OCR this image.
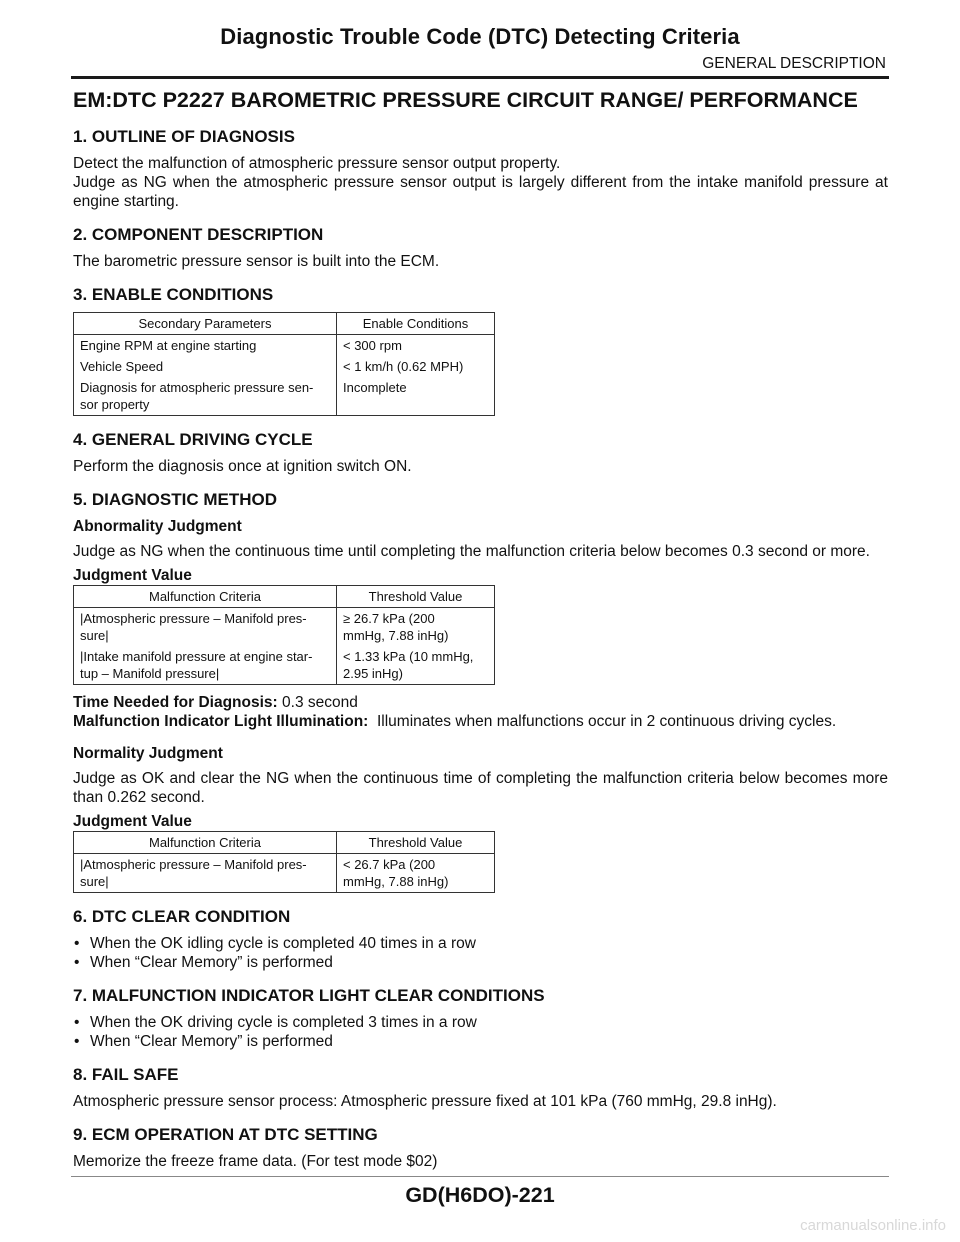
Diagnostic Trouble Code (DTC) Detecting Criteria
GENERAL DESCRIPTION
EM:DTC P2227 BAROMETRIC PRESSURE CIRCUIT RANGE/ PERFORMANCE
1. OUTLINE OF DIAGNOSIS

Detect the malfunction of atmospheric pressure sensor output property.

Judge as NG when the atmospheric pressure sensor output is largely different from the intake manifold pressure at engine starting.

2. COMPONENT DESCRIPTION

The barometric pressure sensor is built into the ECM.

3. ENABLE CONDITIONS
Secondary Parameters	Enable Conditions
Engine RPM at engine starting	< 300 rpm
Vehicle Speed	< 1 km/h (0.62 MPH)
Diagnosis for atmospheric pressure sen-
sor property	Incomplete
4. GENERAL DRIVING CYCLE

Perform the diagnosis once at ignition switch ON.

5. DIAGNOSTIC METHOD
Abnormality Judgment

Judge as NG when the continuous time until completing the malfunction criteria below becomes 0.3 second or more.

Judgment Value
Malfunction Criteria	Threshold Value
|Atmospheric pressure – Manifold pres-
sure|	≥ 26.7 kPa (200
mmHg, 7.88 inHg)
|Intake manifold pressure at engine star-
tup – Manifold pressure|	< 1.33 kPa (10 mmHg,
2.95 inHg)

Time Needed for Diagnosis: 0.3 second

Malfunction Indicator Light Illumination: Illuminates when malfunctions occur in 2 continuous driving cycles.

Normality Judgment

Judge as OK and clear the NG when the continuous time of completing the malfunction criteria below becomes more than 0.262 second.

Judgment Value
Malfunction Criteria	Threshold Value
|Atmospheric pressure – Manifold pres-
sure|	< 26.7 kPa (200
mmHg, 7.88 inHg)
6. DTC CLEAR CONDITION
• When the OK idling cycle is completed 40 times in a row
• When “Clear Memory” is performed
7. MALFUNCTION INDICATOR LIGHT CLEAR CONDITIONS
• When the OK driving cycle is completed 3 times in a row
• When “Clear Memory” is performed
8. FAIL SAFE

Atmospheric pressure sensor process: Atmospheric pressure fixed at 101 kPa (760 mmHg, 29.8 inHg).

9. ECM OPERATION AT DTC SETTING

Memorize the freeze frame data. (For test mode $02)

GD(H6DO)-221
carmanualsonline.info
